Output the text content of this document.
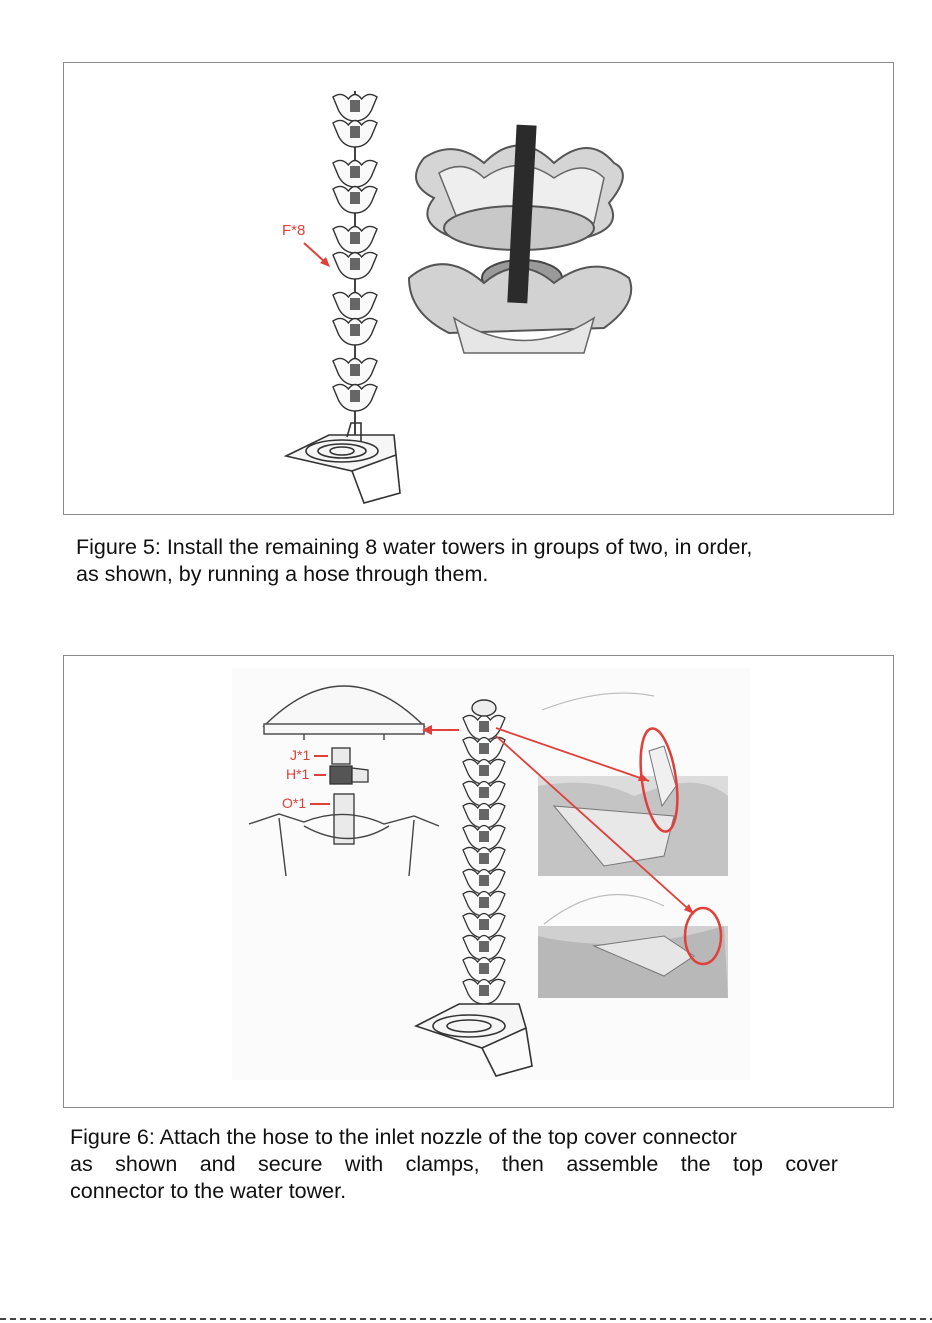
F*8
Figure 5: Install the remaining 8 water towers in groups of two, in order,
as shown, by running a hose through them.
J*1
H*1
O*1
Figure 6: Attach the hose to the inlet nozzle of the top cover connector
as shown and secure with clamps, then assemble the top cover
connector to the water tower.
